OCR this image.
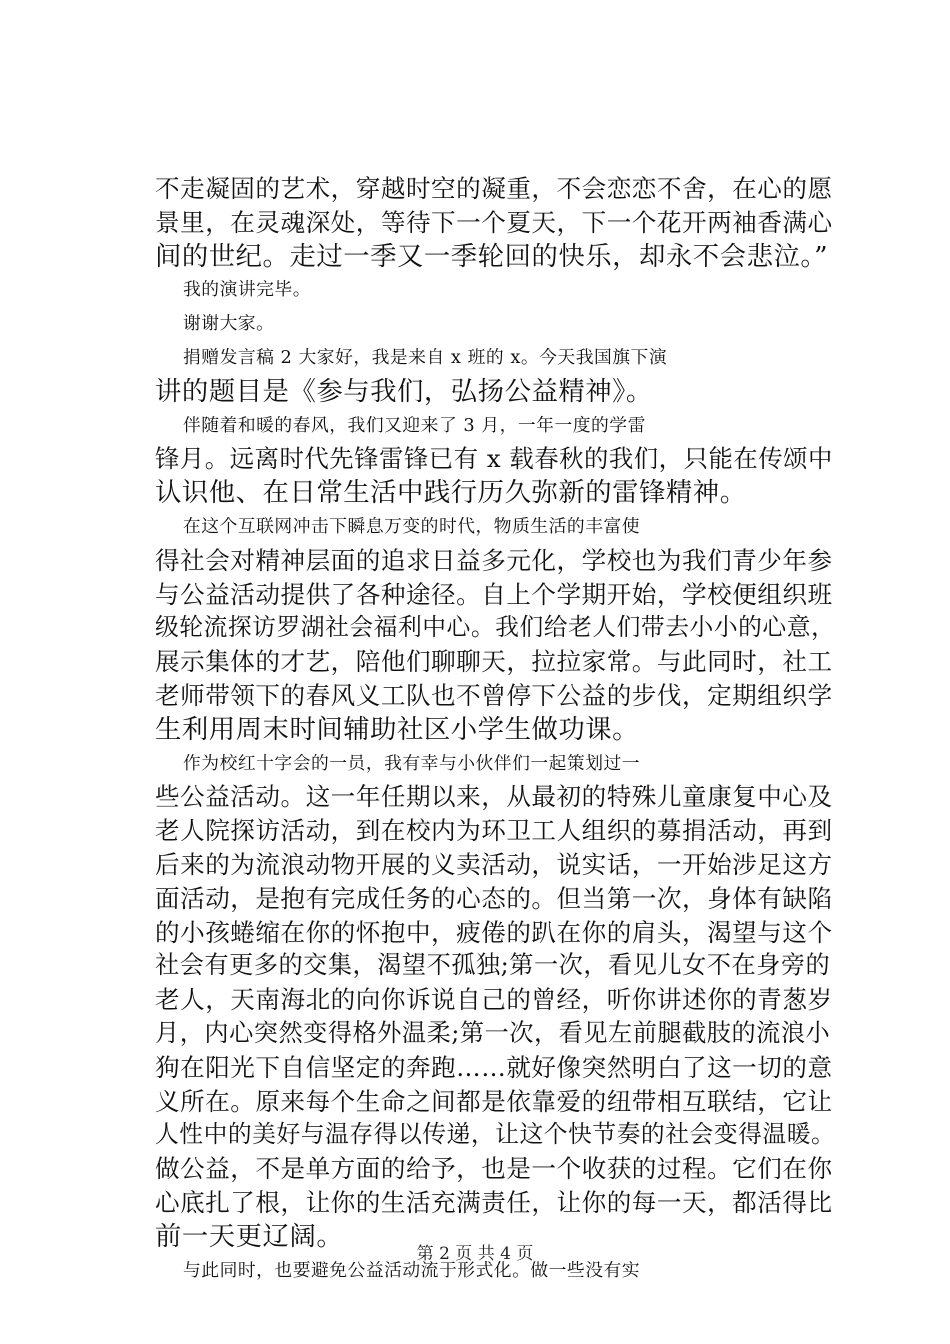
不走凝固的艺术，穿越时空的凝重，不会恋恋不舍，在心的愿
景里，在灵魂深处，等待下一个夏天，下一个花开两袖香满心
间的世纪。走过一季又一季轮回的快乐，却永不会悲泣。”
我的演讲完毕。
谢谢大家。
捐赠发言稿 2 大家好，我是来自 x 班的 x。今天我国旗下演
讲的题目是《参与我们，弘扬公益精神》。
伴随着和暖的春风，我们又迎来了 3 月，一年一度的学雷
锋月。远离时代先锋雷锋已有 x 载春秋的我们，只能在传颂中
认识他、在日常生活中践行历久弥新的雷锋精神。
在这个互联网冲击下瞬息万变的时代，物质生活的丰富使
得社会对精神层面的追求日益多元化，学校也为我们青少年参
与公益活动提供了各种途径。自上个学期开始，学校便组织班
级轮流探访罗湖社会福利中心。我们给老人们带去小小的心意，
展示集体的才艺，陪他们聊聊天，拉拉家常。与此同时，社工
老师带领下的春风义工队也不曾停下公益的步伐，定期组织学
生利用周末时间辅助社区小学生做功课。
作为校红十字会的一员，我有幸与小伙伴们一起策划过一
些公益活动。这一年任期以来，从最初的特殊儿童康复中心及
老人院探访活动，到在校内为环卫工人组织的募捐活动，再到
后来的为流浪动物开展的义卖活动，说实话，一开始涉足这方
面活动，是抱有完成任务的心态的。但当第一次，身体有缺陷
的小孩蜷缩在你的怀抱中，疲倦的趴在你的肩头，渴望与这个
社会有更多的交集，渴望不孤独;第一次，看见儿女不在身旁的
老人，天南海北的向你诉说自己的曾经，听你讲述你的青葱岁
月，内心突然变得格外温柔;第一次，看见左前腿截肢的流浪小
狗在阳光下自信坚定的奔跑……就好像突然明白了这一切的意
义所在。原来每个生命之间都是依靠爱的纽带相互联结，它让
人性中的美好与温存得以传递，让这个快节奏的社会变得温暖。
做公益，不是单方面的给予，也是一个收获的过程。它们在你
心底扎了根，让你的生活充满责任，让你的每一天，都活得比
前一天更辽阔。
与此同时，也要避免公益活动流于形式化。做一些没有实
第 2 页 共 4 页
